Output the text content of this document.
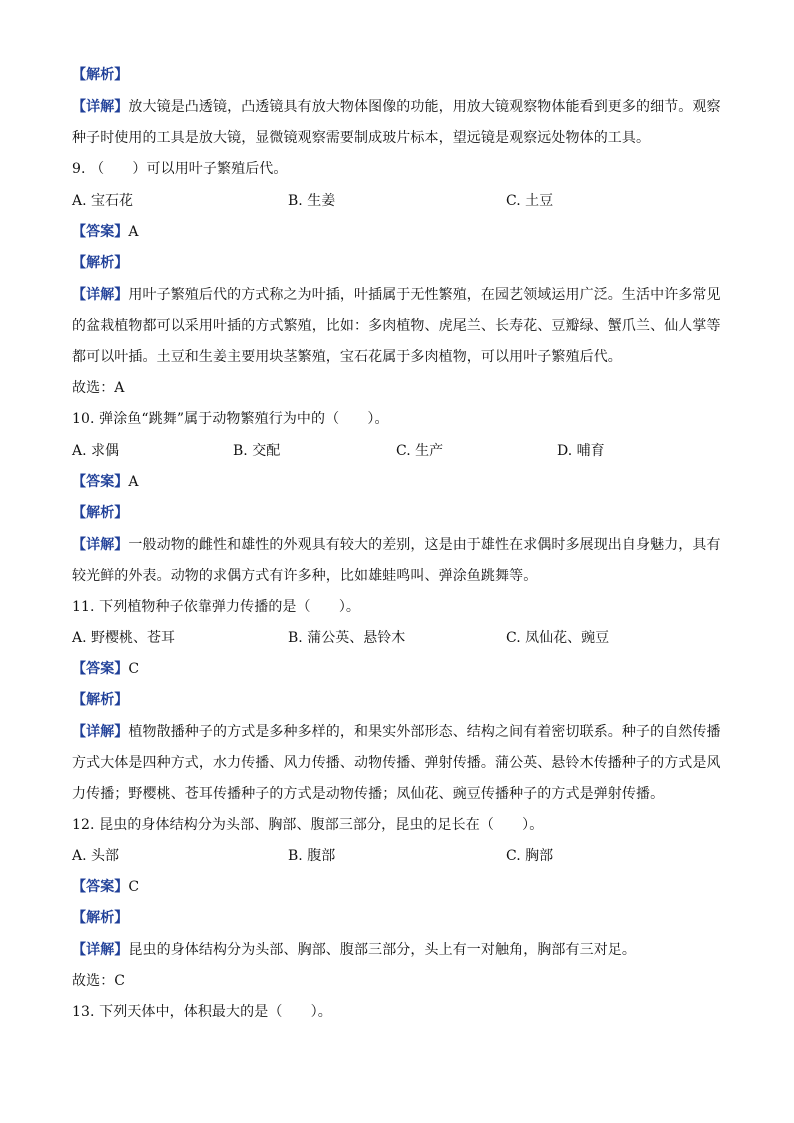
【解析】
【详解】放大镜是凸透镜，凸透镜具有放大物体图像的功能，用放大镜观察物体能看到更多的细节。观察
种子时使用的工具是放大镜，显微镜观察需要制成玻片标本，望远镜是观察远处物体的工具。
9. （　　）可以用叶子繁殖后代。
A. 宝石花	B. 生姜	C. 土豆
【答案】A
【解析】
【详解】用叶子繁殖后代的方式称之为叶插，叶插属于无性繁殖，在园艺领域运用广泛。生活中许多常见
的盆栽植物都可以采用叶插的方式繁殖，比如：多肉植物、虎尾兰、长寿花、豆瓣绿、蟹爪兰、仙人掌等
都可以叶插。土豆和生姜主要用块茎繁殖，宝石花属于多肉植物，可以用叶子繁殖后代。
故选：A
10. 弹涂鱼“跳舞”属于动物繁殖行为中的（　　）。
A. 求偶	B. 交配	C. 生产	D. 哺育
【答案】A
【解析】
【详解】一般动物的雌性和雄性的外观具有较大的差别，这是由于雄性在求偶时多展现出自身魅力，具有
较光鲜的外表。动物的求偶方式有许多种，比如雄蛙鸣叫、弹涂鱼跳舞等。
11. 下列植物种子依靠弹力传播的是（　　）。
A. 野樱桃、苍耳	B. 蒲公英、悬铃木	C. 凤仙花、豌豆
【答案】C
【解析】
【详解】植物散播种子的方式是多种多样的，和果实外部形态、结构之间有着密切联系。种子的自然传播
方式大体是四种方式，水力传播、风力传播、动物传播、弹射传播。蒲公英、悬铃木传播种子的方式是风
力传播；野樱桃、苍耳传播种子的方式是动物传播；凤仙花、豌豆传播种子的方式是弹射传播。
12. 昆虫的身体结构分为头部、胸部、腹部三部分，昆虫的足长在（　　）。
A. 头部	B. 腹部	C. 胸部
【答案】C
【解析】
【详解】昆虫的身体结构分为头部、胸部、腹部三部分，头上有一对触角，胸部有三对足。
故选：C
13. 下列天体中，体积最大的是（　　）。
